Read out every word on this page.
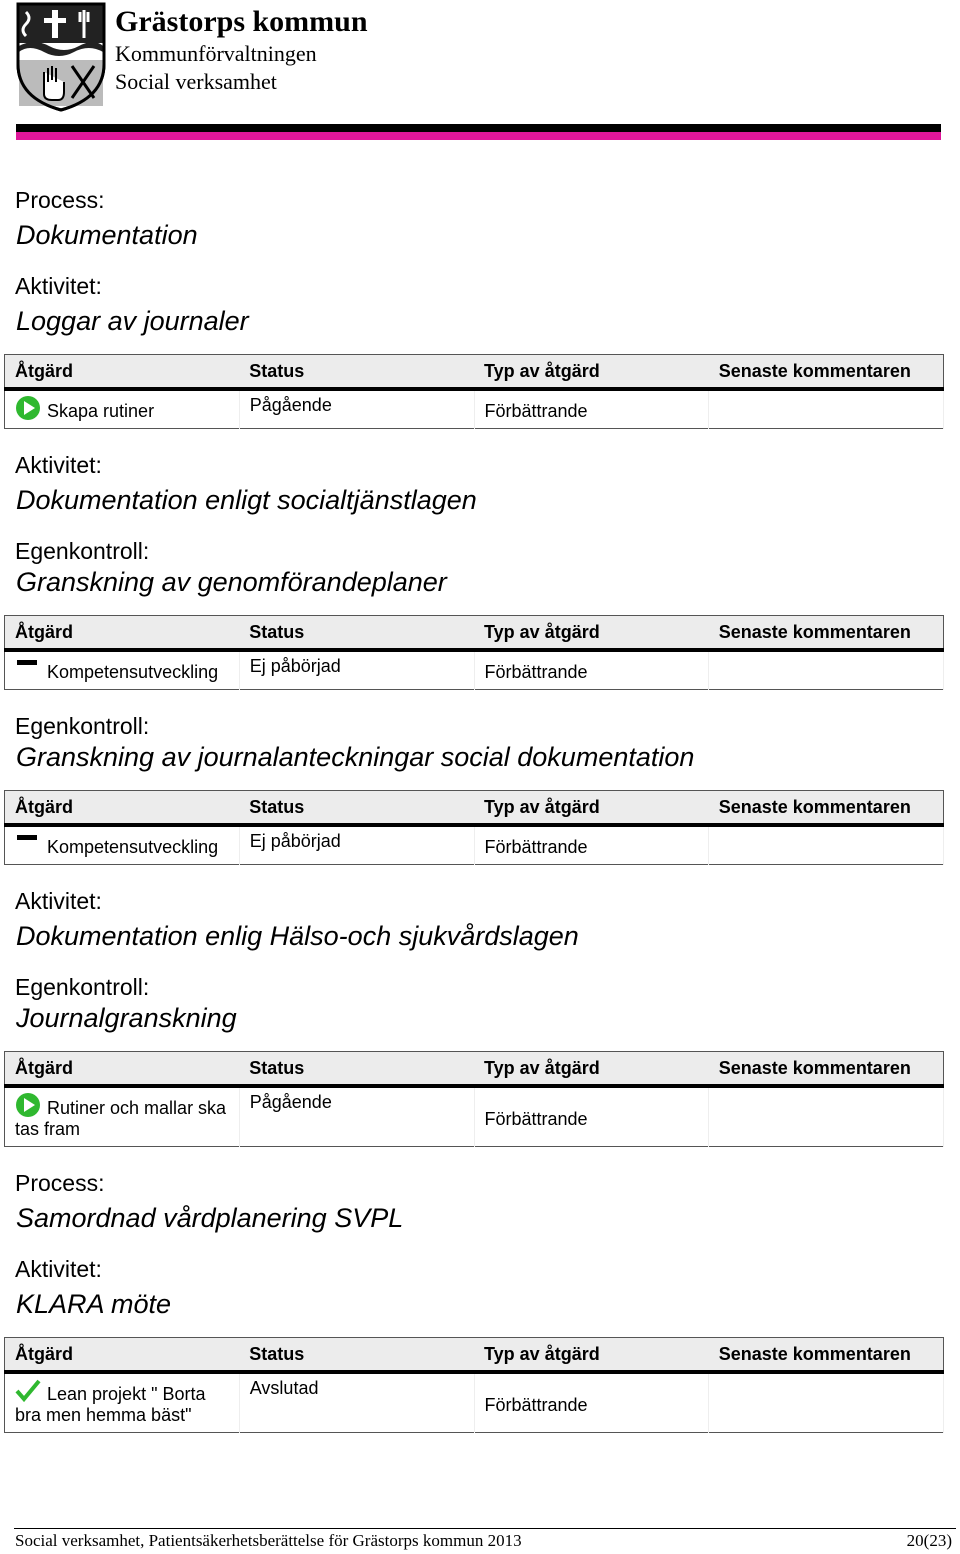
Grästorps kommun
Kommunförvaltningen
Social verksamhet
Process:
Dokumentation
Aktivitet:
Loggar av journaler
Åtgärd	Status	Typ av åtgärd	Senaste kommentaren

Skapa rutiner	Pågående	Förbättrande	
Aktivitet:
Dokumentation enligt socialtjänstlagen
Egenkontroll:
Granskning av genomförandeplaner
Åtgärd	Status	Typ av åtgärd	Senaste kommentaren

Kompetensutveckling	Ej påbörjad	Förbättrande	
Egenkontroll:
Granskning av journalanteckningar social dokumentation
Åtgärd	Status	Typ av åtgärd	Senaste kommentaren

Kompetensutveckling	Ej påbörjad	Förbättrande	
Aktivitet:
Dokumentation enlig Hälso-och sjukvårdslagen
Egenkontroll:
Journalgranskning
Åtgärd	Status	Typ av åtgärd	Senaste kommentaren

Rutiner och mallar ska tas fram	Pågående	Förbättrande	
Process:
Samordnad vårdplanering SVPL
Aktivitet:
KLARA möte
Åtgärd	Status	Typ av åtgärd	Senaste kommentaren

Lean projekt " Borta bra men hemma bäst"	Avslutad	Förbättrande	
Social verksamhet, Patientsäkerhetsberättelse för Grästorps kommun 2013	20(23)
